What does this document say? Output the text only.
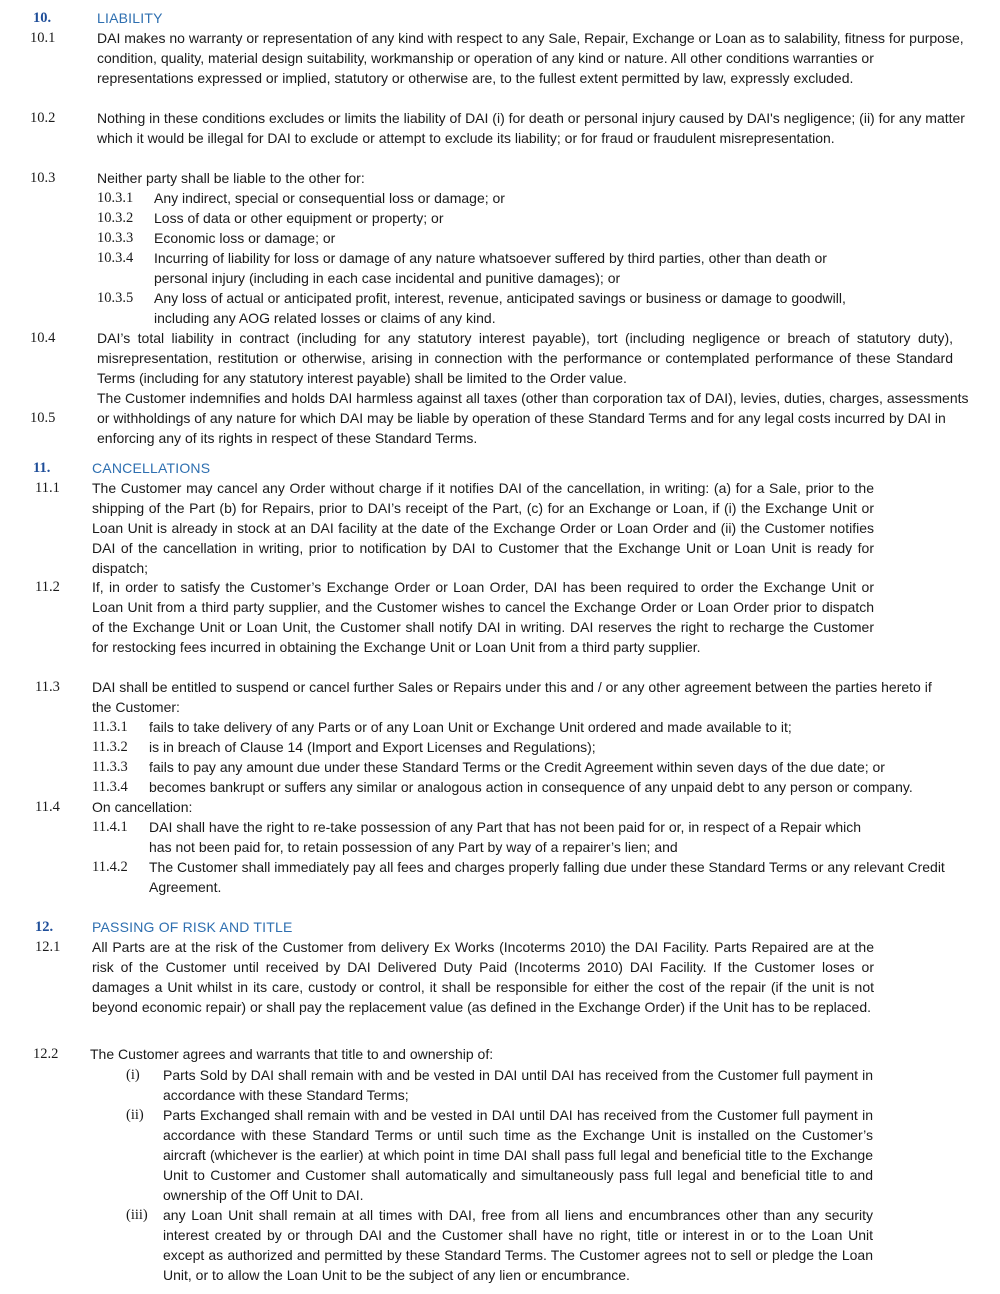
10.	LIABILITY
10.1	DAI makes no warranty or representation of any kind with respect to any Sale, Repair, Exchange or Loan as to salability, fitness for purpose, condition, quality, material design suitability, workmanship or operation of any kind or nature. All other conditions warranties or representations expressed or implied, statutory or otherwise are, to the fullest extent permitted by law, expressly excluded.
10.2	Nothing in these conditions excludes or limits the liability of DAI (i) for death or personal injury caused by DAI's negligence; (ii) for any matter which it would be illegal for DAI to exclude or attempt to exclude its liability; or for fraud or fraudulent misrepresentation.
10.3	Neither party shall be liable to the other for:
10.3.1 Any indirect, special or consequential loss or damage; or
10.3.2 Loss of data or other equipment or property; or
10.3.3 Economic loss or damage; or
10.3.4 Incurring of liability for loss or damage of any nature whatsoever suffered by third parties, other than death or personal injury (including in each case incidental and punitive damages); or
10.3.5 Any loss of actual or anticipated profit, interest, revenue, anticipated savings or business or damage to goodwill, including any AOG related losses or claims of any kind.
10.4	DAI’s total liability in contract (including for any statutory interest payable), tort (including negligence or breach of statutory duty), misrepresentation, restitution or otherwise, arising in connection with the performance or contemplated performance of these Standard Terms (including for any statutory interest payable) shall be limited to the Order value.
10.5
The Customer indemnifies and holds DAI harmless against all taxes (other than corporation tax of DAI), levies, duties, charges, assessments or withholdings of any nature for which DAI may be liable by operation of these Standard Terms and for any legal costs incurred by DAI in enforcing any of its rights in respect of these Standard Terms.
11.	CANCELLATIONS
11.1 The Customer may cancel any Order without charge if it notifies DAI of the cancellation, in writing: (a) for a Sale, prior to the shipping of the Part (b) for Repairs, prior to DAI’s receipt of the Part, (c) for an Exchange or Loan, if (i) the Exchange Unit or Loan Unit is already in stock at an DAI facility at the date of the Exchange Order or Loan Order and (ii) the Customer notifies DAI of the cancellation in writing, prior to notification by DAI to Customer that the Exchange Unit or Loan Unit is ready for dispatch;
11.2 If, in order to satisfy the Customer’s Exchange Order or Loan Order, DAI has been required to order the Exchange Unit or Loan Unit from a third party supplier, and the Customer wishes to cancel the Exchange Order or Loan Order prior to dispatch of the Exchange Unit or Loan Unit, the Customer shall notify DAI in writing. DAI reserves the right to recharge the Customer for restocking fees incurred in obtaining the Exchange Unit or Loan Unit from a third party supplier.
11.3 DAI shall be entitled to suspend or cancel further Sales or Repairs under this and / or any other agreement between the parties hereto if the Customer:
11.3.1 fails to take delivery of any Parts or of any Loan Unit or Exchange Unit ordered and made available to it;
11.3.2 is in breach of Clause 14 (Import and Export Licenses and Regulations);
11.3.3 fails to pay any amount due under these Standard Terms or the Credit Agreement within seven days of the due date; or
11.3.4 becomes bankrupt or suffers any similar or analogous action in consequence of any unpaid debt to any person or company.
11.4 On cancellation:
11.4.1 DAI shall have the right to re-take possession of any Part that has not been paid for or, in respect of a Repair which has not been paid for, to retain possession of any Part by way of a repairer’s lien; and
11.4.2 The Customer shall immediately pay all fees and charges properly falling due under these Standard Terms or any relevant Credit Agreement.
12.	PASSING OF RISK AND TITLE
12.1 All Parts are at the risk of the Customer from delivery Ex Works (Incoterms 2010) the DAI Facility. Parts Repaired are at the risk of the Customer until received by DAI Delivered Duty Paid (Incoterms 2010) DAI Facility. If the Customer loses or damages a Unit whilst in its care, custody or control, it shall be responsible for either the cost of the repair (if the unit is not beyond economic repair) or shall pay the replacement value (as defined in the Exchange Order) if the Unit has to be replaced.
12.2 The Customer agrees and warrants that title to and ownership of:
(i) Parts Sold by DAI shall remain with and be vested in DAI until DAI has received from the Customer full payment in accordance with these Standard Terms;
(ii) Parts Exchanged shall remain with and be vested in DAI until DAI has received from the Customer full payment in accordance with these Standard Terms or until such time as the Exchange Unit is installed on the Customer’s aircraft (whichever is the earlier) at which point in time DAI shall pass full legal and beneficial title to the Exchange Unit to Customer and Customer shall automatically and simultaneously pass full legal and beneficial title to and ownership of the Off Unit to DAI.
(iii) any Loan Unit shall remain at all times with DAI, free from all liens and encumbrances other than any security interest created by or through DAI and the Customer shall have no right, title or interest in or to the Loan Unit except as authorized and permitted by these Standard Terms. The Customer agrees not to sell or pledge the Loan Unit, or to allow the Loan Unit to be the subject of any lien or encumbrance.
